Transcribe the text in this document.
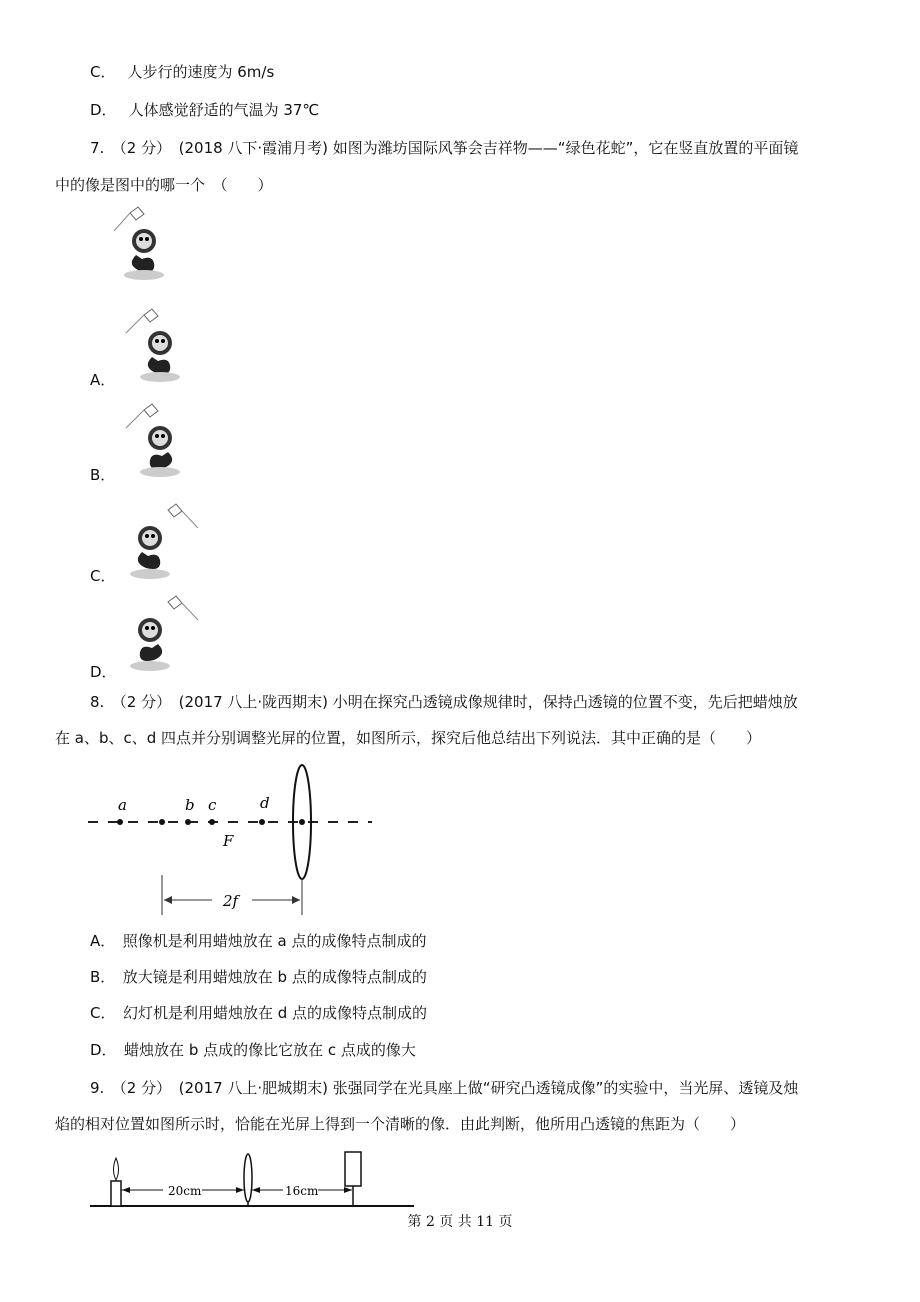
C． 人步行的速度为 6m/s
D． 人体感觉舒适的气温为 37℃
7.　（2 分）　(2018 八下·霞浦月考) 如图为潍坊国际风筝会吉祥物——“绿色花蛇”，它在竖直放置的平面镜
中的像是图中的哪一个　（　　）
A．
B．
C．
D．
8.　（2 分）　(2017 八上·陇西期末) 小明在探究凸透镜成像规律时，保持凸透镜的位置不变，先后把蜡烛放
在 a、b、c、d 四点并分别调整光屏的位置，如图所示，探究后他总结出下列说法．其中正确的是（　　）
a	b c	d
F
2f
A．　照像机是利用蜡烛放在 a 点的成像特点制成的
B．　放大镜是利用蜡烛放在 b 点的成像特点制成的
C．　幻灯机是利用蜡烛放在 d 点的成像特点制成的
D．　蜡烛放在 b 点成的像比它放在 c 点成的像大
9.　（2 分）　(2017 八上·肥城期末) 张强同学在光具座上做“研究凸透镜成像”的实验中，当光屏、透镜及烛
焰的相对位置如图所示时，恰能在光屏上得到一个清晰的像．由此判断，他所用凸透镜的焦距为（　　）
20cm	16cm
第 2 页 共 11 页
